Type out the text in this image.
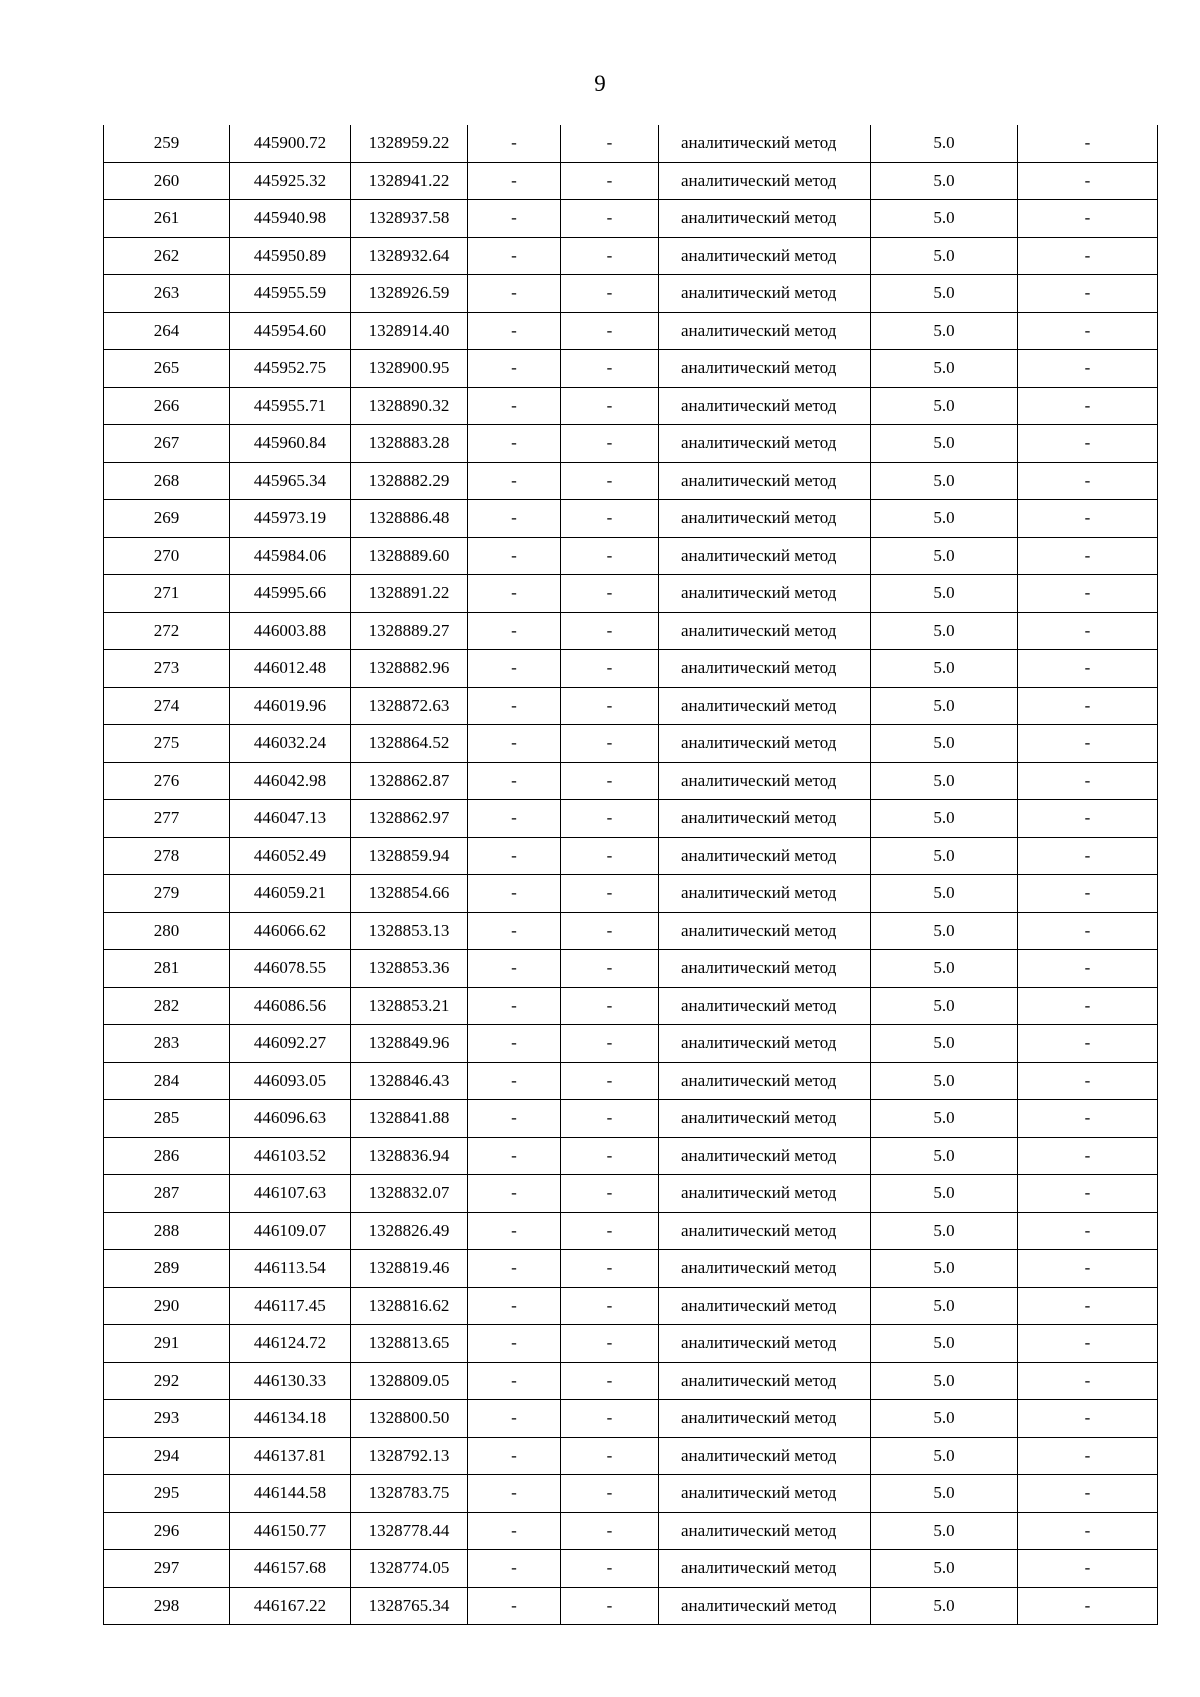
9
259	445900.72	1328959.22	-	-	аналитический метод	5.0	-
260	445925.32	1328941.22	-	-	аналитический метод	5.0	-
261	445940.98	1328937.58	-	-	аналитический метод	5.0	-
262	445950.89	1328932.64	-	-	аналитический метод	5.0	-
263	445955.59	1328926.59	-	-	аналитический метод	5.0	-
264	445954.60	1328914.40	-	-	аналитический метод	5.0	-
265	445952.75	1328900.95	-	-	аналитический метод	5.0	-
266	445955.71	1328890.32	-	-	аналитический метод	5.0	-
267	445960.84	1328883.28	-	-	аналитический метод	5.0	-
268	445965.34	1328882.29	-	-	аналитический метод	5.0	-
269	445973.19	1328886.48	-	-	аналитический метод	5.0	-
270	445984.06	1328889.60	-	-	аналитический метод	5.0	-
271	445995.66	1328891.22	-	-	аналитический метод	5.0	-
272	446003.88	1328889.27	-	-	аналитический метод	5.0	-
273	446012.48	1328882.96	-	-	аналитический метод	5.0	-
274	446019.96	1328872.63	-	-	аналитический метод	5.0	-
275	446032.24	1328864.52	-	-	аналитический метод	5.0	-
276	446042.98	1328862.87	-	-	аналитический метод	5.0	-
277	446047.13	1328862.97	-	-	аналитический метод	5.0	-
278	446052.49	1328859.94	-	-	аналитический метод	5.0	-
279	446059.21	1328854.66	-	-	аналитический метод	5.0	-
280	446066.62	1328853.13	-	-	аналитический метод	5.0	-
281	446078.55	1328853.36	-	-	аналитический метод	5.0	-
282	446086.56	1328853.21	-	-	аналитический метод	5.0	-
283	446092.27	1328849.96	-	-	аналитический метод	5.0	-
284	446093.05	1328846.43	-	-	аналитический метод	5.0	-
285	446096.63	1328841.88	-	-	аналитический метод	5.0	-
286	446103.52	1328836.94	-	-	аналитический метод	5.0	-
287	446107.63	1328832.07	-	-	аналитический метод	5.0	-
288	446109.07	1328826.49	-	-	аналитический метод	5.0	-
289	446113.54	1328819.46	-	-	аналитический метод	5.0	-
290	446117.45	1328816.62	-	-	аналитический метод	5.0	-
291	446124.72	1328813.65	-	-	аналитический метод	5.0	-
292	446130.33	1328809.05	-	-	аналитический метод	5.0	-
293	446134.18	1328800.50	-	-	аналитический метод	5.0	-
294	446137.81	1328792.13	-	-	аналитический метод	5.0	-
295	446144.58	1328783.75	-	-	аналитический метод	5.0	-
296	446150.77	1328778.44	-	-	аналитический метод	5.0	-
297	446157.68	1328774.05	-	-	аналитический метод	5.0	-
298	446167.22	1328765.34	-	-	аналитический метод	5.0	-
